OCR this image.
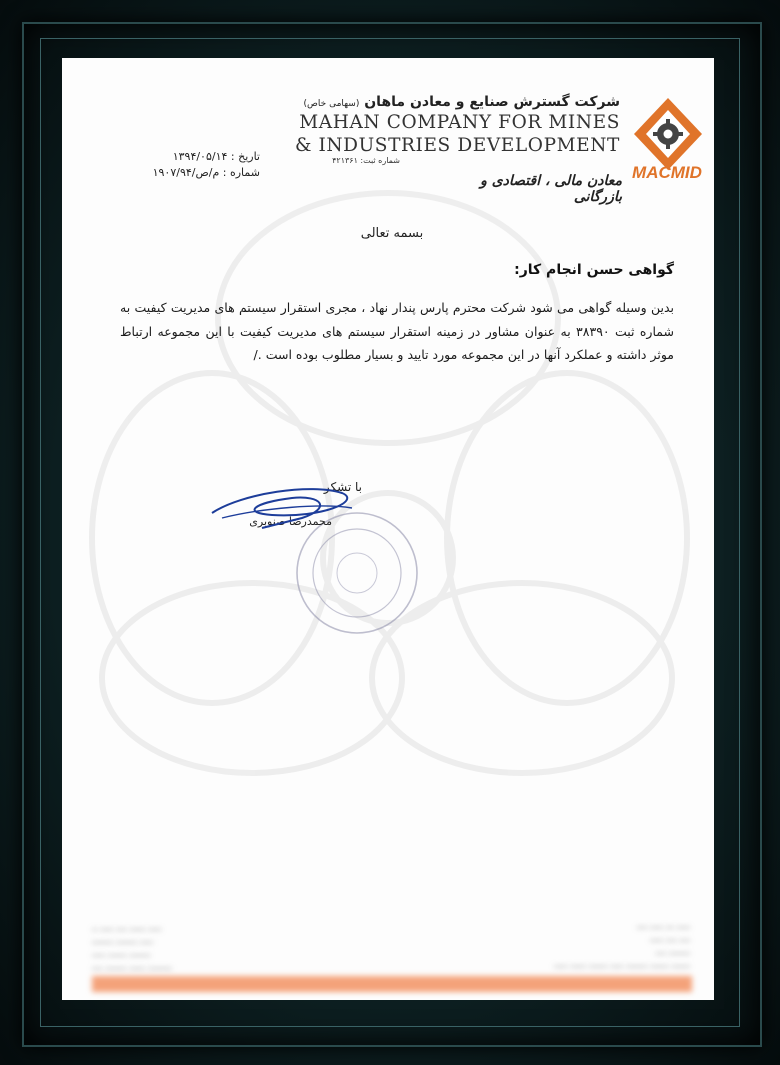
MACMID
شرکت گسترش صنایع و معادن ماهان (سهامی خاص)
MAHAN COMPANY FOR MINES
& INDUSTRIES DEVELOPMENT
شماره ثبت: ۴۲۱۳۶۱
معادن مالی ، اقتصادی و بازرگانی
تاریخ : ۱۳۹۴/۰۵/۱۴
شماره : م/ص/۱۹۰۷/۹۴
بسمه تعالی
گواهی حسن انجام کار:
بدین وسیله گواهی می شود شرکت محترم پارس پندار نهاد ، مجری استقرار سیستم های مدیریت کیفیت به شماره ثبت ۳۸۳۹۰ به عنوان مشاور در زمینه استقرار سیستم های مدیریت کیفیت با این مجموعه ارتباط موثر داشته و عملکرد آنها در این مجموعه مورد تایید و بسیار مطلوب بوده است ./
با تشکر
محمدرضا صنوبری
ـــــ ــــــ ــــ ـــــ ــ
ـــــ ــــــــ ــــــــ
ــــــــ ـــــــ ـــــ
ـــــــــ ــــــ ــــــــ ــــ
ـــــ ـــ ـــــ ــــ
ــــ ــــ ـــــ
ــــــــ ــــ
ـــــــ ـــــــ ــــــــ ـــــ ـــــــ ــــــ ـــــ
